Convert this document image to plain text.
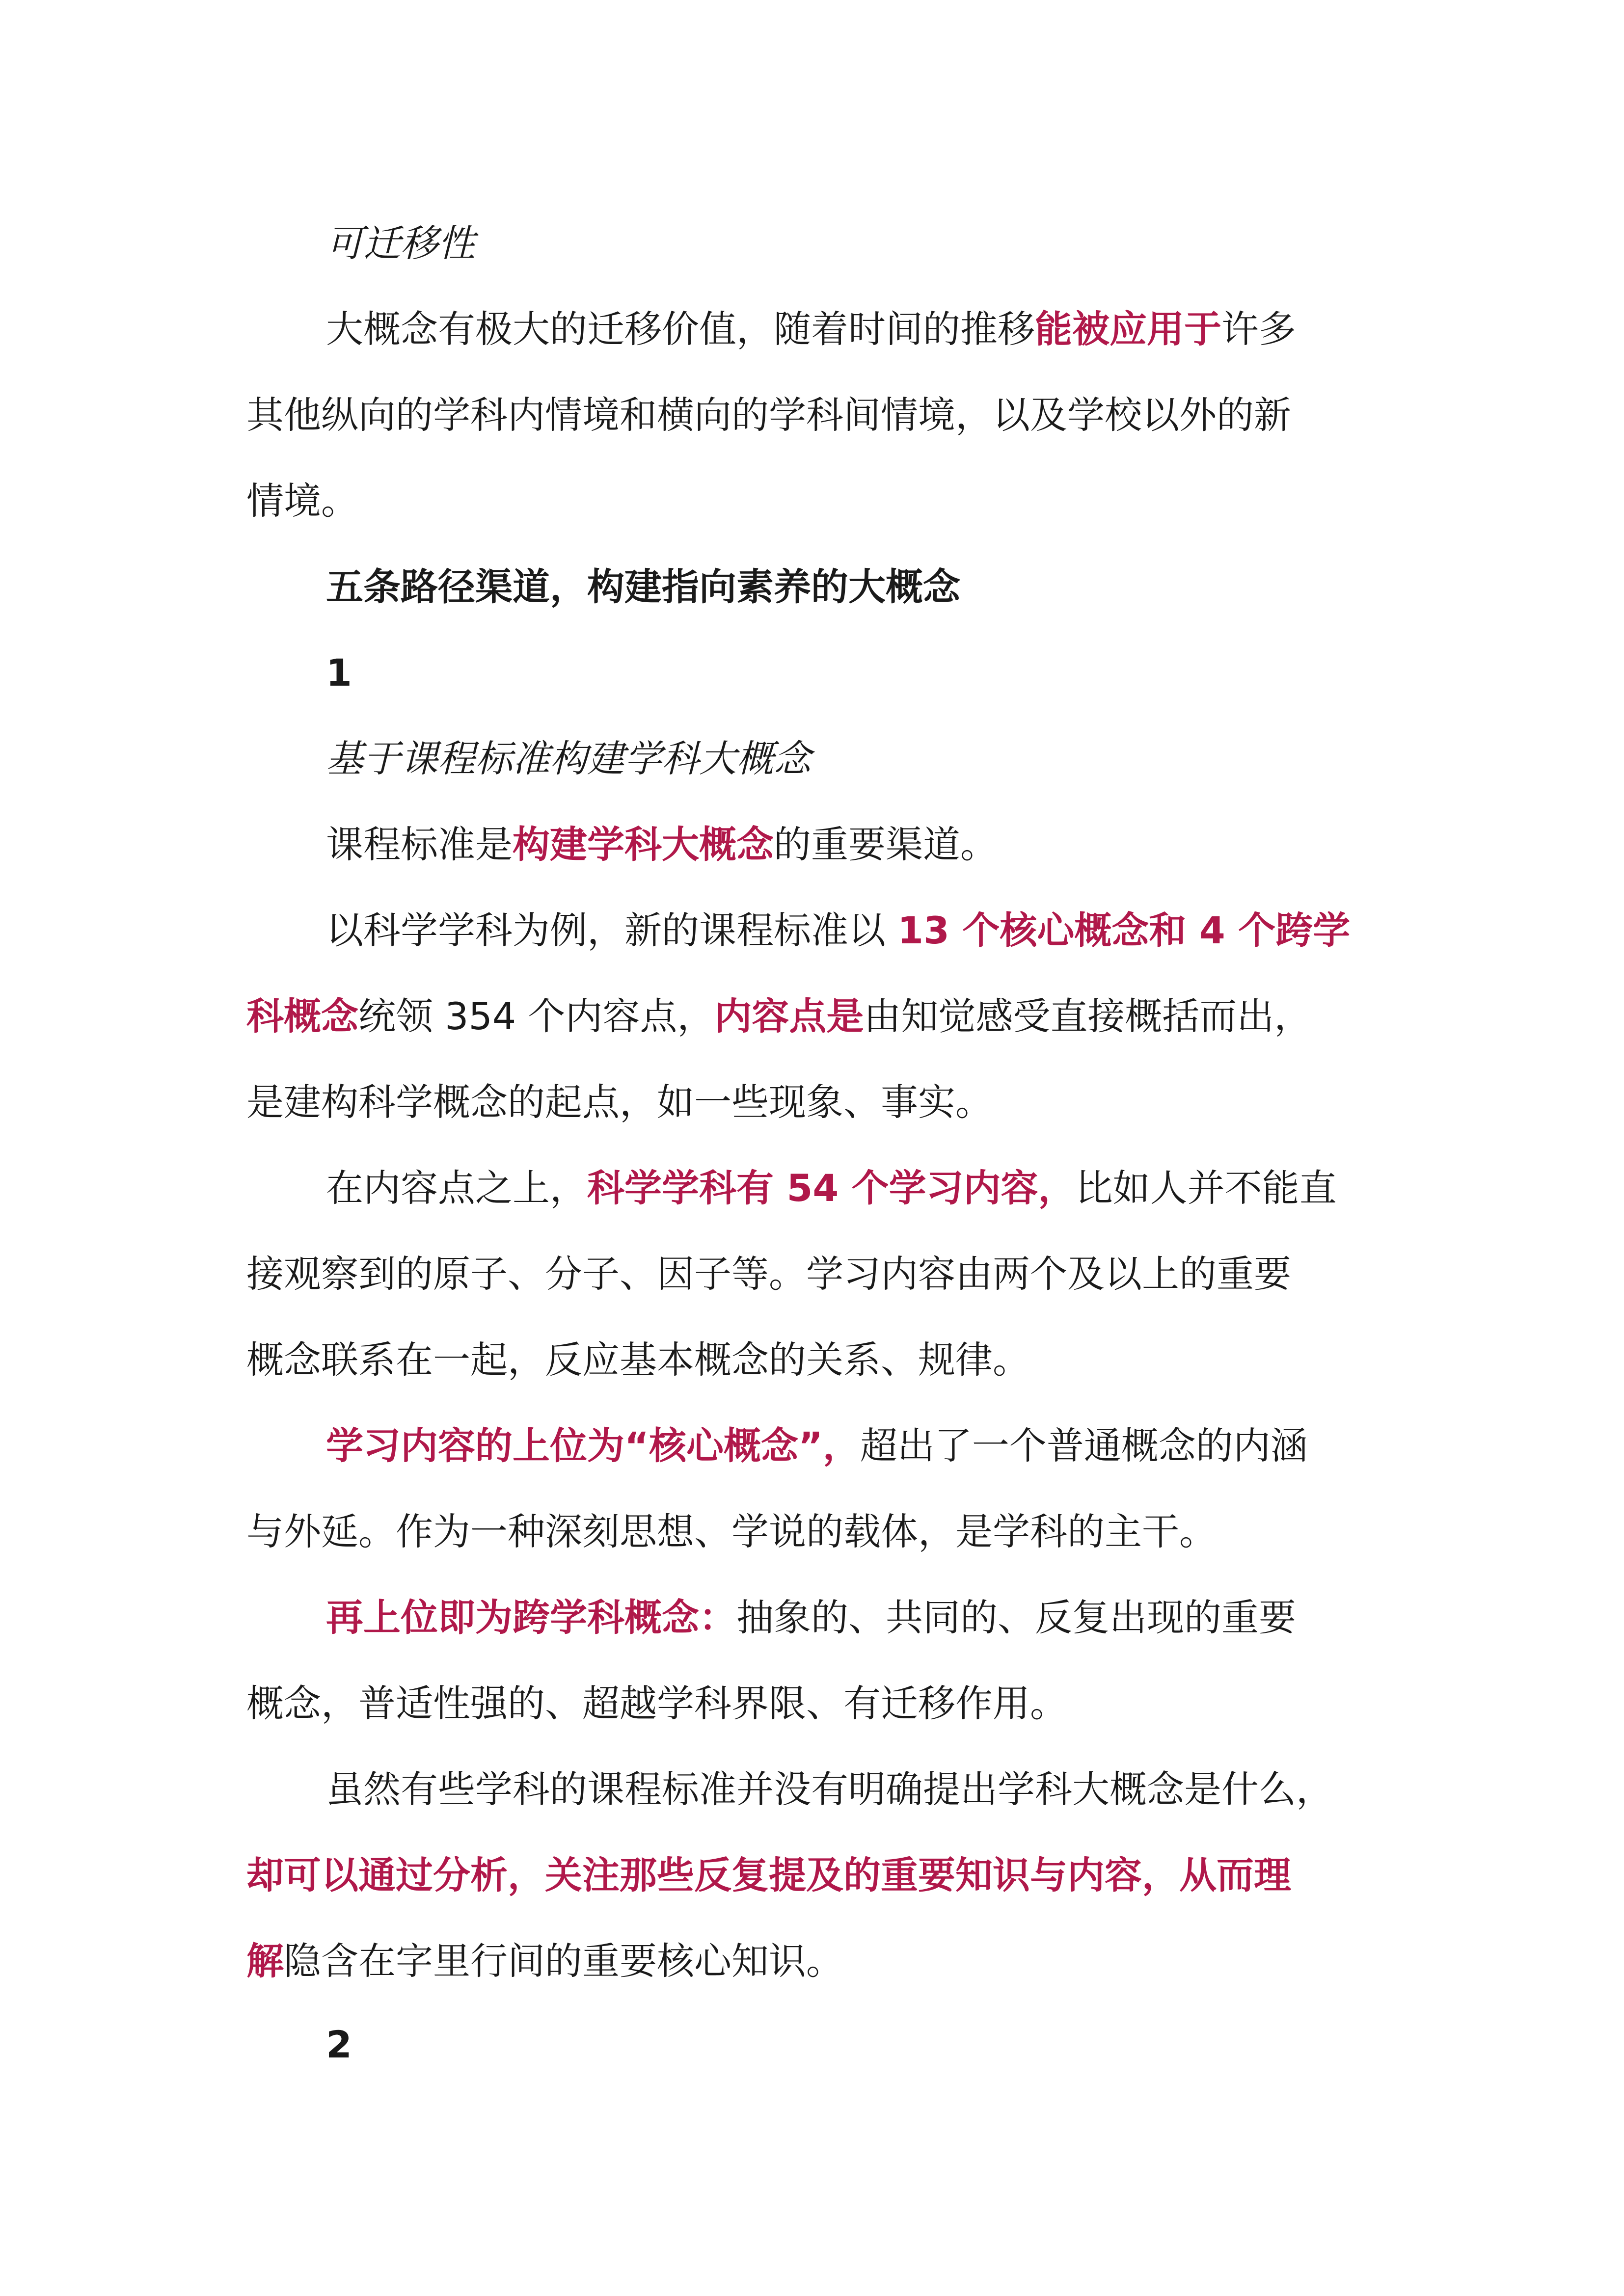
可迁移性
大概念有极大的迁移价值，随着时间的推移能被应用于许多
其他纵向的学科内情境和横向的学科间情境，以及学校以外的新
情境。
五条路径渠道，构建指向素养的大概念
1
基于课程标准构建学科大概念
课程标准是构建学科大概念的重要渠道。
以科学学科为例，新的课程标准以 13 个核心概念和 4 个跨学
科概念统领 354 个内容点，内容点是由知觉感受直接概括而出，
是建构科学概念的起点，如一些现象、事实。
在内容点之上，科学学科有 54 个学习内容，比如人并不能直
接观察到的原子、分子、因子等。学习内容由两个及以上的重要
概念联系在一起，反应基本概念的关系、规律。
学习内容的上位为“核心概念”，超出了一个普通概念的内涵
与外延。作为一种深刻思想、学说的载体，是学科的主干。
再上位即为跨学科概念：抽象的、共同的、反复出现的重要
概念，普适性强的、超越学科界限、有迁移作用。
虽然有些学科的课程标准并没有明确提出学科大概念是什么，
却可以通过分析，关注那些反复提及的重要知识与内容，从而理
解隐含在字里行间的重要核心知识。
2
